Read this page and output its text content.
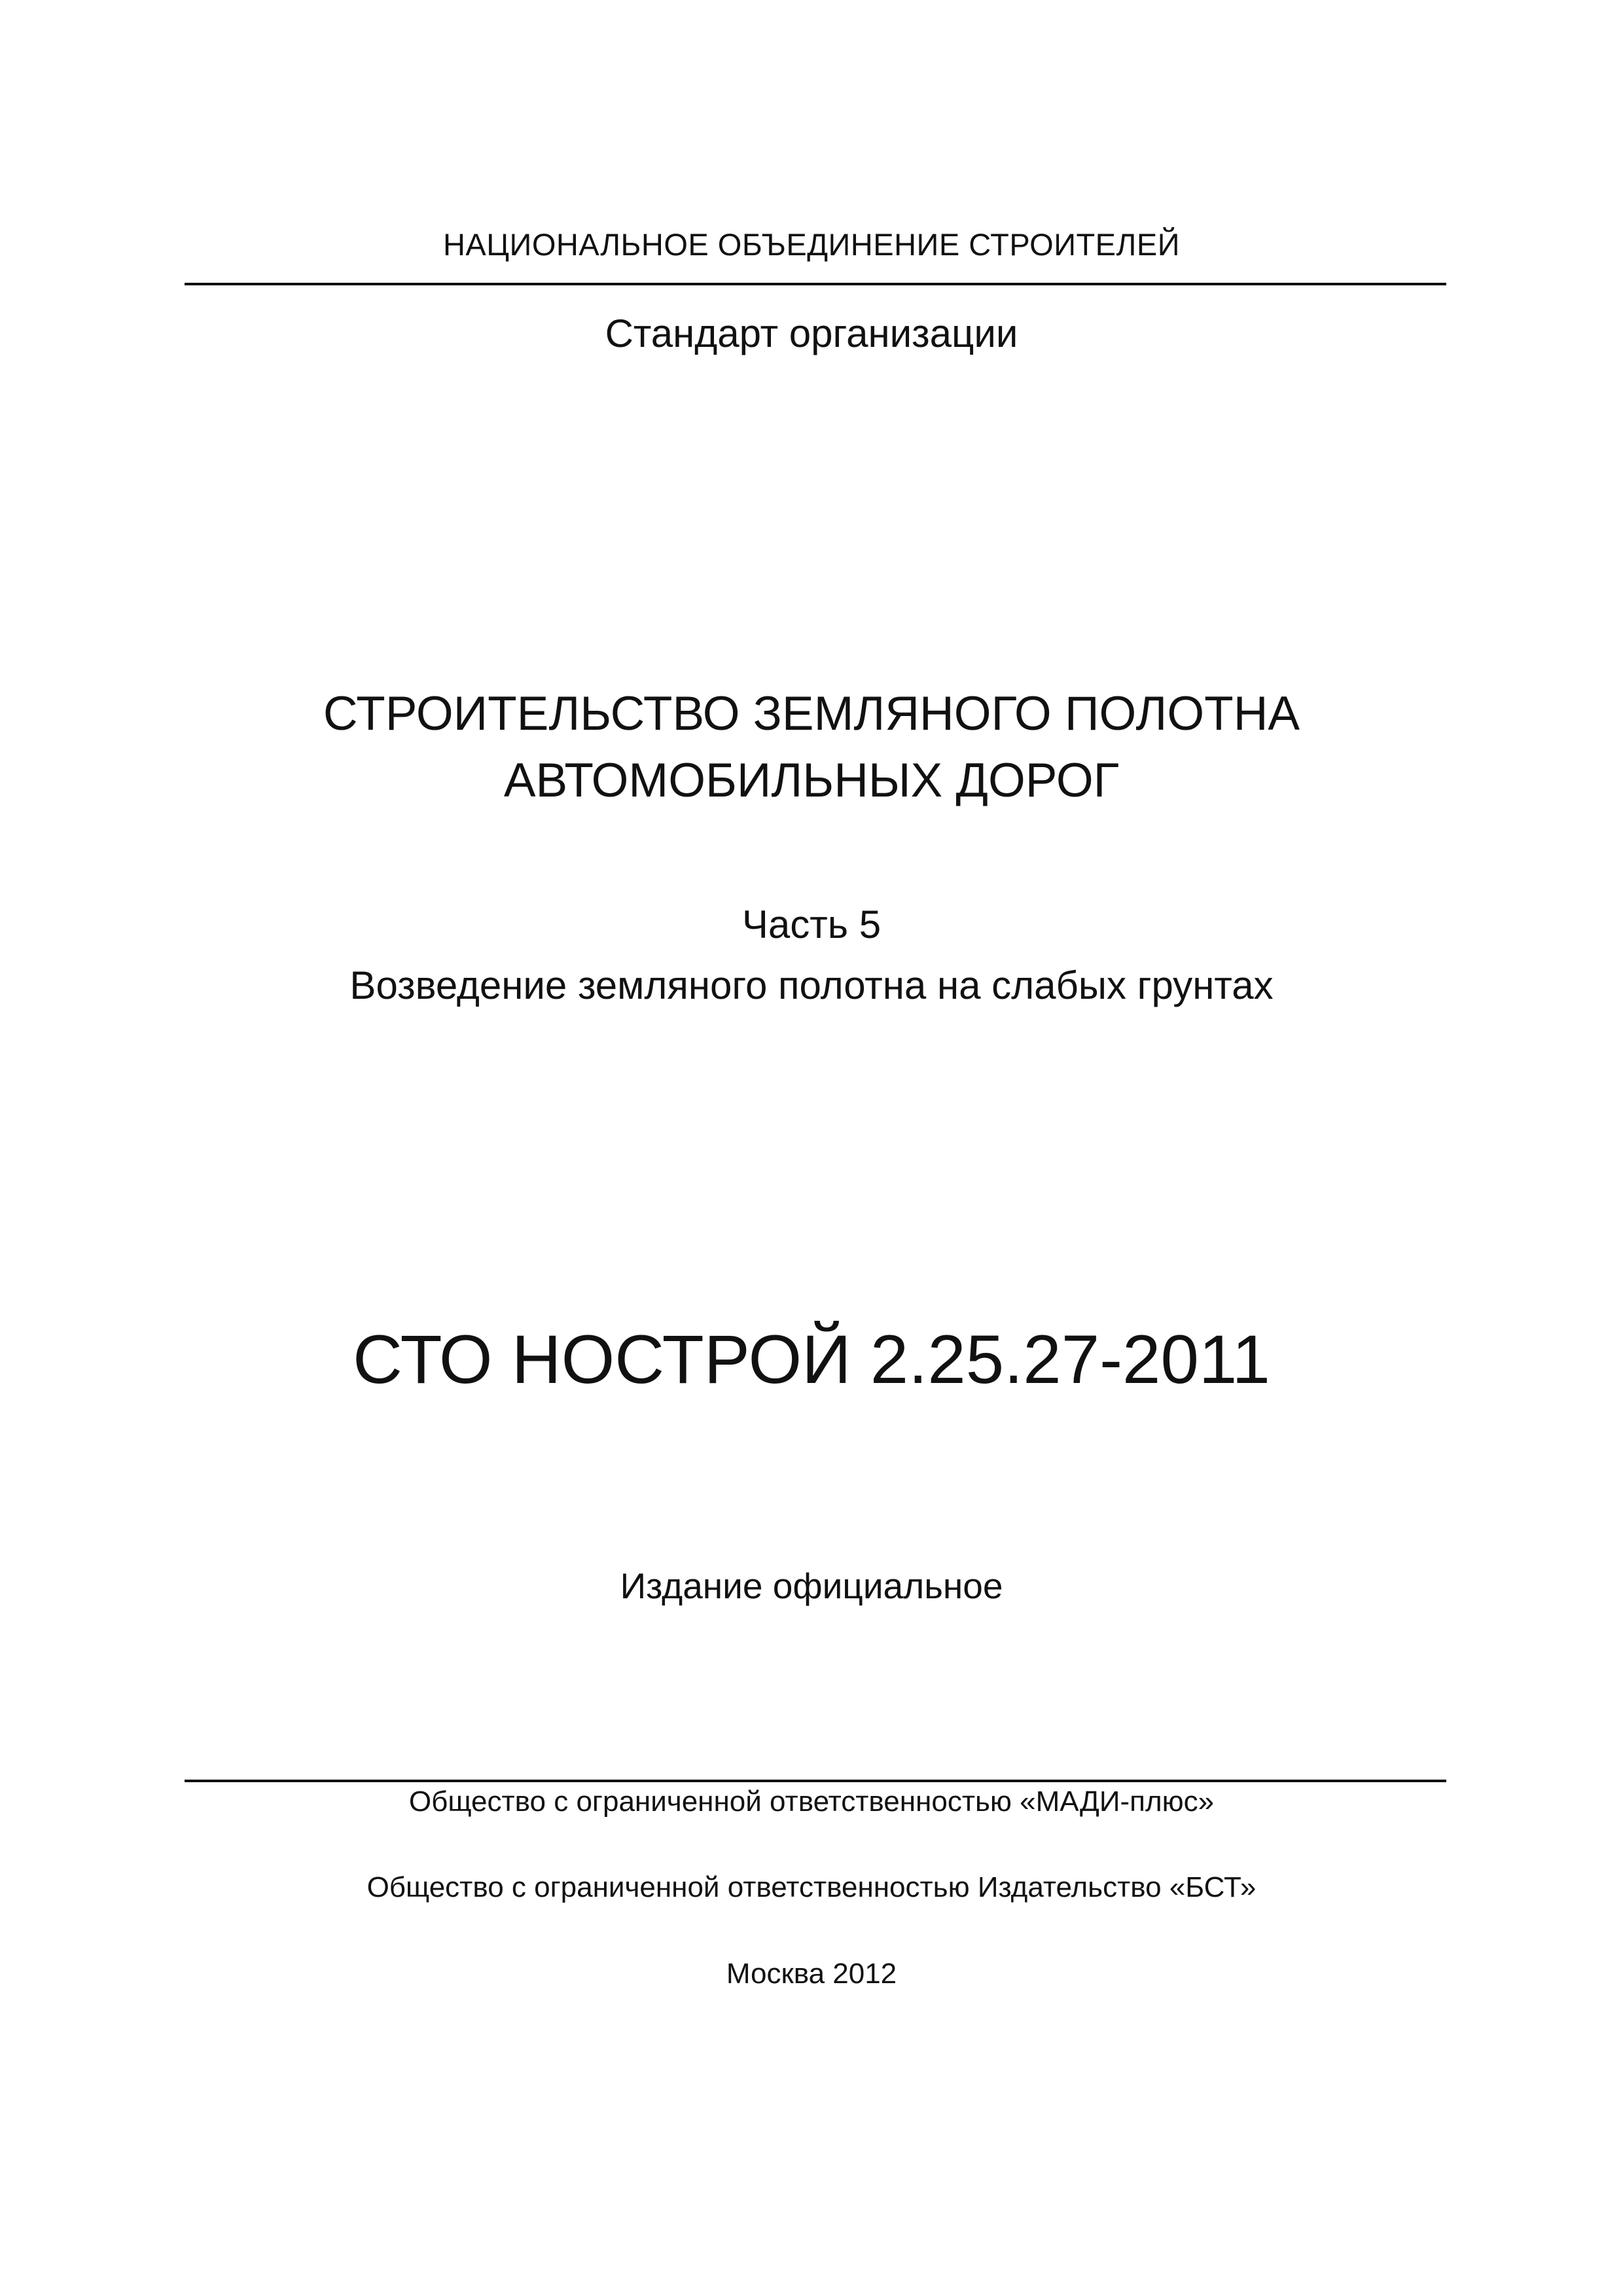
НАЦИОНАЛЬНОЕ ОБЪЕДИНЕНИЕ СТРОИТЕЛЕЙ
Стандарт организации
СТРОИТЕЛЬСТВО ЗЕМЛЯНОГО ПОЛОТНА
АВТОМОБИЛЬНЫХ ДОРОГ
Часть 5
Возведение земляного полотна на слабых грунтах
СТО НОСТРОЙ 2.25.27-2011
Издание официальное
Общество с ограниченной ответственностью «МАДИ-плюс»
Общество с ограниченной ответственностью Издательство «БСТ»
Москва 2012
